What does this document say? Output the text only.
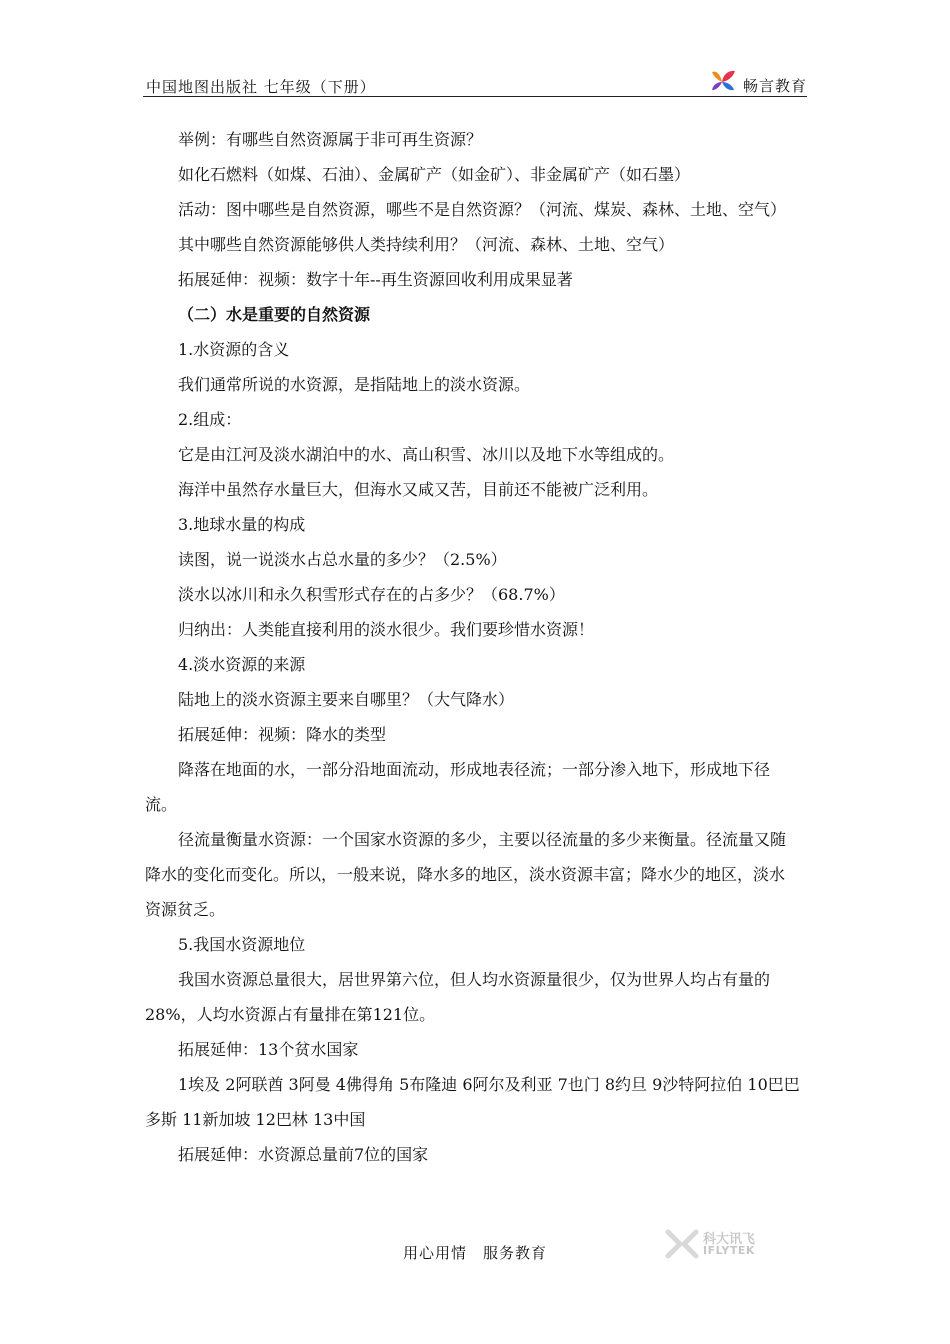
中国地图出版社 七年级（下册）	畅言教育

举例：有哪些自然资源属于非可再生资源？

如化石燃料（如煤、石油）、金属矿产（如金矿）、非金属矿产（如石墨）

活动：图中哪些是自然资源，哪些不是自然资源？（河流、煤炭、森林、土地、空气）

其中哪些自然资源能够供人类持续利用？（河流、森林、土地、空气）

拓展延伸：视频：数字十年--再生资源回收利用成果显著

（二）水是重要的自然资源

1.水资源的含义

我们通常所说的水资源，是指陆地上的淡水资源。

2.组成：

它是由江河及淡水湖泊中的水、高山积雪、冰川以及地下水等组成的。

海洋中虽然存水量巨大，但海水又咸又苦，目前还不能被广泛利用。

3.地球水量的构成

读图，说一说淡水占总水量的多少？（2.5%）

淡水以冰川和永久积雪形式存在的占多少？（68.7%）

归纳出：人类能直接利用的淡水很少。我们要珍惜水资源！

4.淡水资源的来源

陆地上的淡水资源主要来自哪里？（大气降水）

拓展延伸：视频：降水的类型

降落在地面的水，一部分沿地面流动，形成地表径流；一部分渗入地下，形成地下径流。

径流量衡量水资源：一个国家水资源的多少，主要以径流量的多少来衡量。径流量又随降水的变化而变化。所以，一般来说，降水多的地区，淡水资源丰富；降水少的地区，淡水资源贫乏。

5.我国水资源地位

我国水资源总量很大，居世界第六位，但人均水资源量很少，仅为世界人均占有量的28%，人均水资源占有量排在第121位。

拓展延伸：13个贫水国家

1埃及 2阿联酋 3阿曼 4佛得角 5布隆迪 6阿尔及利亚 7也门 8约旦 9沙特阿拉伯 10巴巴多斯 11新加坡 12巴林 13中国

拓展延伸：水资源总量前7位的国家

用心用情　服务教育
科大讯飞
IFLYTEK
